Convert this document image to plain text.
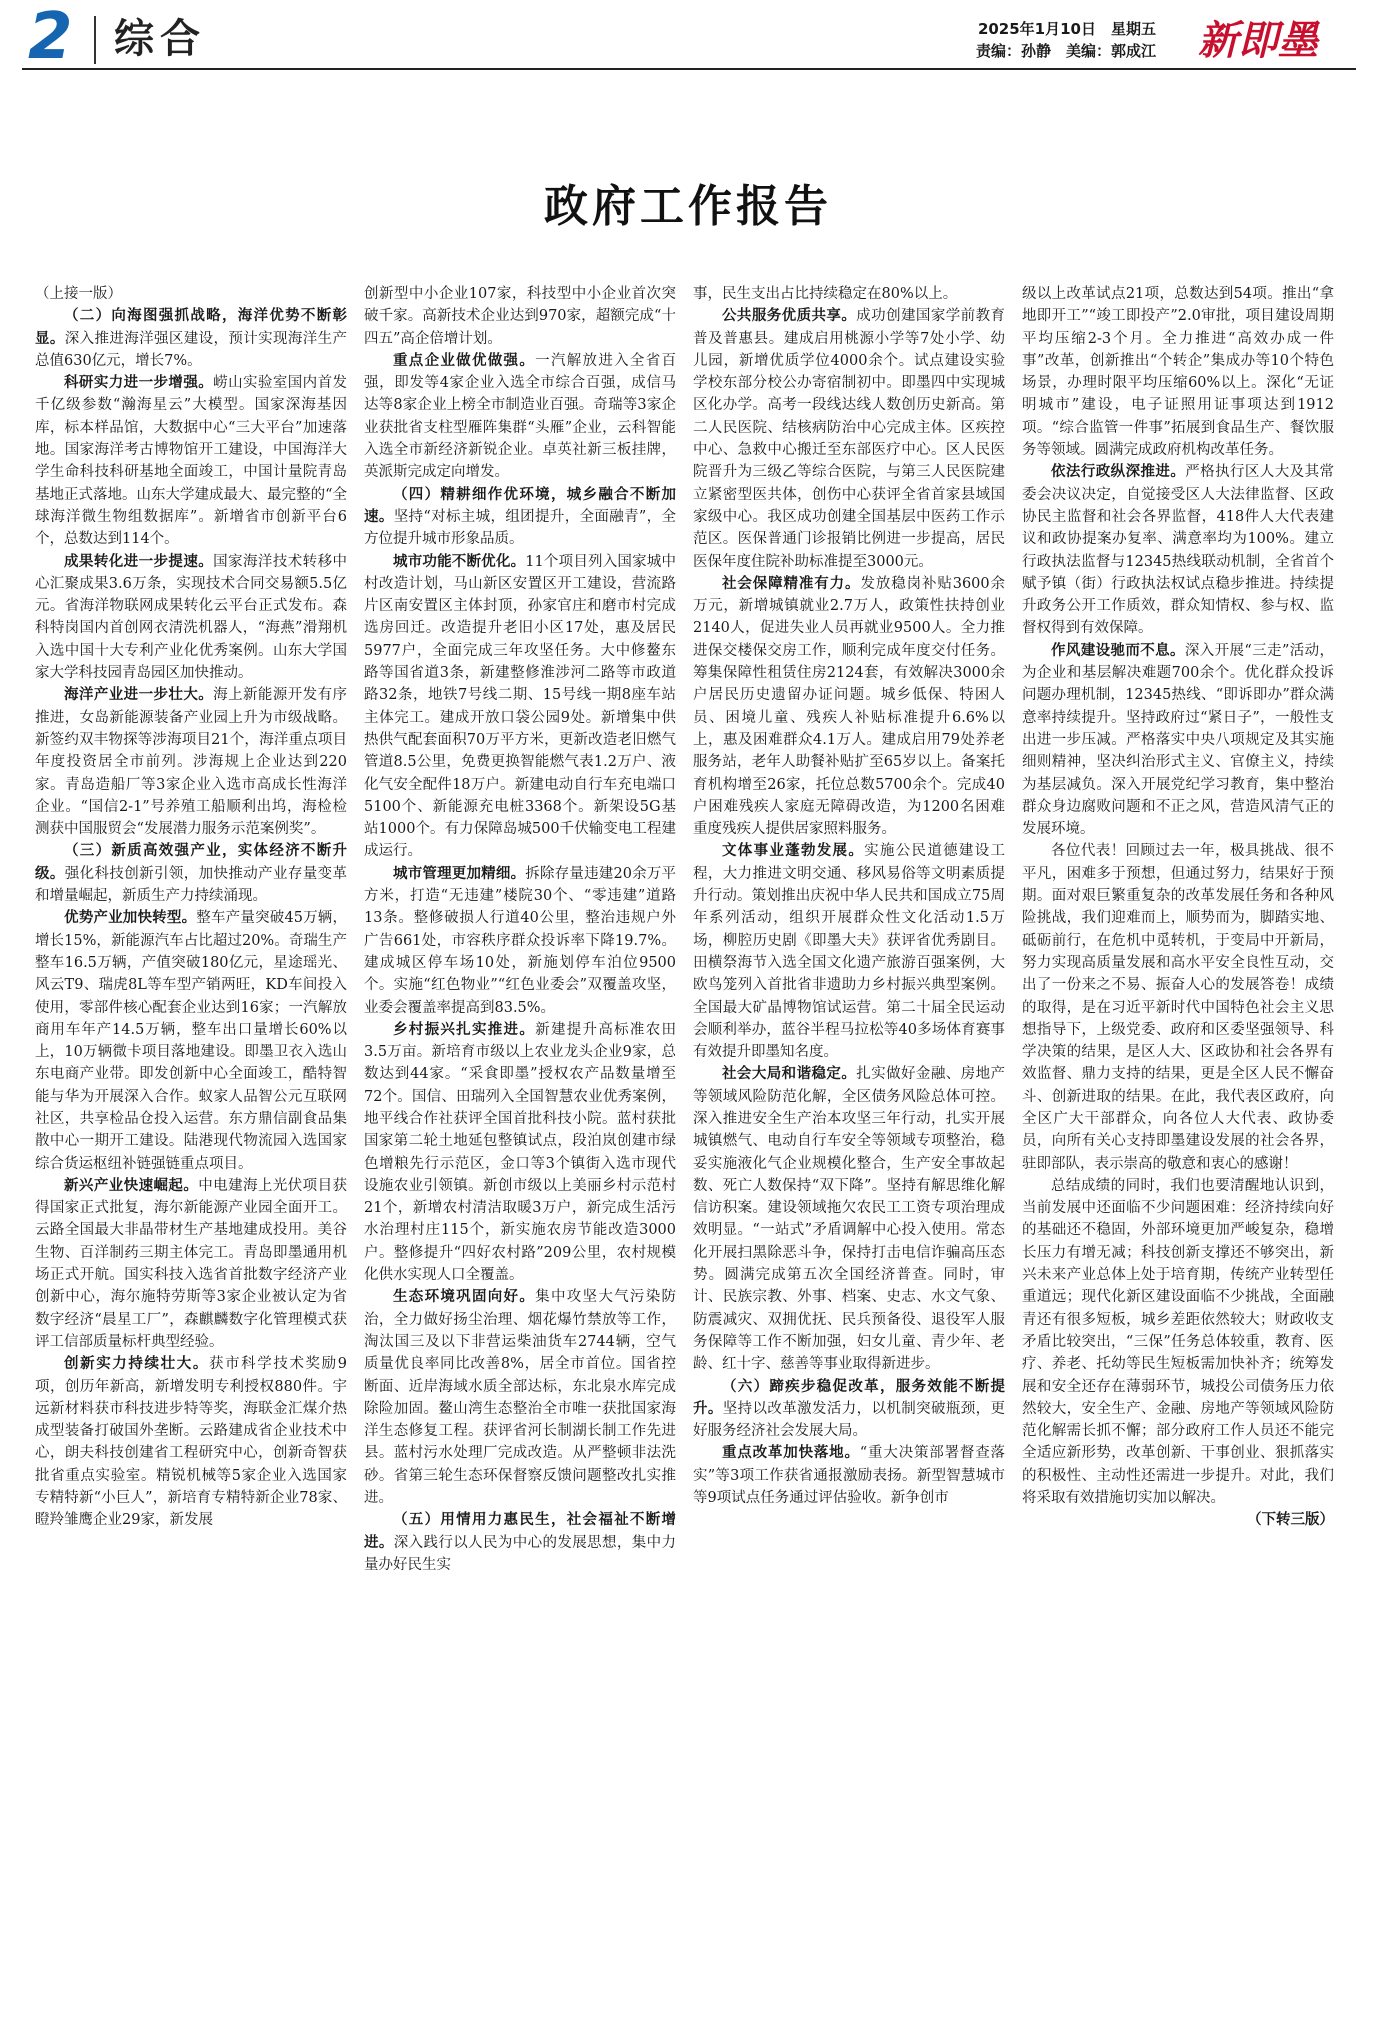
2 综合	2025年1月10日　星期五
责编：孙静　美编：郭成江 新即墨
政府工作报告

（上接一版）

（二）向海图强抓战略，海洋优势不断彰显。深入推进海洋强区建设，预计实现海洋生产总值630亿元，增长7%。

科研实力进一步增强。崂山实验室国内首发千亿级参数“瀚海星云”大模型。国家深海基因库，标本样品馆，大数据中心“三大平台”加速落地。国家海洋考古博物馆开工建设，中国海洋大学生命科技科研基地全面竣工，中国计量院青岛基地正式落地。山东大学建成最大、最完整的“全球海洋微生物组数据库”。新增省市创新平台6个，总数达到114个。

成果转化进一步提速。国家海洋技术转移中心汇聚成果3.6万条，实现技术合同交易额5.5亿元。省海洋物联网成果转化云平台正式发布。森科特岗国内首创网衣清洗机器人，“海燕”滑翔机入选中国十大专利产业化优秀案例。山东大学国家大学科技园青岛园区加快推动。

海洋产业进一步壮大。海上新能源开发有序推进，女岛新能源装备产业园上升为市级战略。新签约双丰物探等涉海项目21个，海洋重点项目年度投资居全市前列。涉海规上企业达到220家。青岛造船厂等3家企业入选市高成长性海洋企业。“国信2-1”号养殖工船顺利出坞，海检检测获中国服贸会“发展潜力服务示范案例奖”。

（三）新质高效强产业，实体经济不断升级。强化科技创新引领，加快推动产业存量变革和增量崛起，新质生产力持续涌现。

优势产业加快转型。整车产量突破45万辆，增长15%，新能源汽车占比超过20%。奇瑞生产整车16.5万辆，产值突破180亿元，星途瑶光、风云T9、瑞虎8L等车型产销两旺，KD车间投入使用，零部件核心配套企业达到16家；一汽解放商用车年产14.5万辆，整车出口量增长60%以上，10万辆微卡项目落地建设。即墨卫衣入选山东电商产业带。即发创新中心全面竣工，酷特智能与华为开展深入合作。蚁家人品智公元互联网社区，共享检品仓投入运营。东方鼎信副食品集散中心一期开工建设。陆港现代物流园入选国家综合货运枢纽补链强链重点项目。

新兴产业快速崛起。中电建海上光伏项目获得国家正式批复，海尔新能源产业园全面开工。云路全国最大非晶带材生产基地建成投用。美谷生物、百洋制药三期主体完工。青岛即墨通用机场正式开航。国实科技入选省首批数字经济产业创新中心，海尔施特劳斯等3家企业被认定为省数字经济“晨星工厂”，森麒麟数字化管理模式获评工信部质量标杆典型经验。

创新实力持续壮大。获市科学技术奖励9项，创历年新高，新增发明专利授权880件。宇远新材料获市科技进步特等奖，海联金汇煤介热成型装备打破国外垄断。云路建成省企业技术中心，朗夫科技创建省工程研究中心，创新奇智获批省重点实验室。精锐机械等5家企业入选国家专精特新“小巨人”，新培育专精特新企业78家、瞪羚雏鹰企业29家，新发展

创新型中小企业107家，科技型中小企业首次突破千家。高新技术企业达到970家，超额完成“十四五”高企倍增计划。

重点企业做优做强。一汽解放进入全省百强，即发等4家企业入选全市综合百强，成信马达等8家企业上榜全市制造业百强。奇瑞等3家企业获批省支柱型雁阵集群“头雁”企业，云科智能入选全市新经济新锐企业。卓英社新三板挂牌，英派斯完成定向增发。

（四）精耕细作优环境，城乡融合不断加速。坚持“对标主城，组团提升，全面融青”，全方位提升城市形象品质。

城市功能不断优化。11个项目列入国家城中村改造计划，马山新区安置区开工建设，营流路片区南安置区主体封顶，孙家官庄和磨市村完成选房回迁。改造提升老旧小区17处，惠及居民5977户，全面完成三年攻坚任务。大中修鳌东路等国省道3条，新建整修淮涉河二路等市政道路32条，地铁7号线二期、15号线一期8座车站主体完工。建成开放口袋公园9处。新增集中供热供气配套面积70万平方米，更新改造老旧燃气管道8.5公里，免费更换智能燃气表1.2万户、液化气安全配件18万户。新建电动自行车充电端口5100个、新能源充电桩3368个。新架设5G基站1000个。有力保障岛城500千伏输变电工程建成运行。

城市管理更加精细。拆除存量违建20余万平方米，打造“无违建”楼院30个、“零违建”道路13条。整修破损人行道40公里，整治违规户外广告661处，市容秩序群众投诉率下降19.7%。建成城区停车场10处，新施划停车泊位9500个。实施“红色物业”“红色业委会”双覆盖攻坚，业委会覆盖率提高到83.5%。

乡村振兴扎实推进。新建提升高标准农田3.5万亩。新培育市级以上农业龙头企业9家，总数达到44家。“采食即墨”授权农产品数量增至72个。国信、田瑞列入全国智慧农业优秀案例，地平线合作社获评全国首批科技小院。蓝村获批国家第二轮土地延包整镇试点，段泊岚创建市绿色增粮先行示范区，金口等3个镇街入选市现代设施农业引领镇。新创市级以上美丽乡村示范村21个，新增农村清洁取暖3万户，新完成生活污水治理村庄115个，新实施农房节能改造3000户。整修提升“四好农村路”209公里，农村规模化供水实现人口全覆盖。

生态环境巩固向好。集中攻坚大气污染防治，全力做好扬尘治理、烟花爆竹禁放等工作，淘汰国三及以下非营运柴油货车2744辆，空气质量优良率同比改善8%，居全市首位。国省控断面、近岸海域水质全部达标，东北泉水库完成除险加固。鳌山湾生态整治全市唯一获批国家海洋生态修复工程。获评省河长制湖长制工作先进县。蓝村污水处理厂完成改造。从严整顿非法洗砂。省第三轮生态环保督察反馈问题整改扎实推进。

（五）用情用力惠民生，社会福祉不断增进。深入践行以人民为中心的发展思想，集中力量办好民生实

事，民生支出占比持续稳定在80%以上。

公共服务优质共享。成功创建国家学前教育普及普惠县。建成启用桃源小学等7处小学、幼儿园，新增优质学位4000余个。试点建设实验学校东部分校公办寄宿制初中。即墨四中实现城区化办学。高考一段线达线人数创历史新高。第二人民医院、结核病防治中心完成主体。区疾控中心、急救中心搬迁至东部医疗中心。区人民医院晋升为三级乙等综合医院，与第三人民医院建立紧密型医共体，创伤中心获评全省首家县域国家级中心。我区成功创建全国基层中医药工作示范区。医保普通门诊报销比例进一步提高，居民医保年度住院补助标准提至3000元。

社会保障精准有力。发放稳岗补贴3600余万元，新增城镇就业2.7万人，政策性扶持创业2140人，促进失业人员再就业9500人。全力推进保交楼保交房工作，顺利完成年度交付任务。筹集保障性租赁住房2124套，有效解决3000余户居民历史遗留办证问题。城乡低保、特困人员、困境儿童、残疾人补贴标准提升6.6%以上，惠及困难群众4.1万人。建成启用79处养老服务站，老年人助餐补贴扩至65岁以上。备案托育机构增至26家，托位总数5700余个。完成40户困难残疾人家庭无障碍改造，为1200名困难重度残疾人提供居家照料服务。

文体事业蓬勃发展。实施公民道德建设工程，大力推进文明交通、移风易俗等文明素质提升行动。策划推出庆祝中华人民共和国成立75周年系列活动，组织开展群众性文化活动1.5万场，柳腔历史剧《即墨大夫》获评省优秀剧目。田横祭海节入选全国文化遗产旅游百强案例，大欧鸟笼列入首批省非遗助力乡村振兴典型案例。全国最大矿晶博物馆试运营。第二十届全民运动会顺利举办，蓝谷半程马拉松等40多场体育赛事有效提升即墨知名度。

社会大局和谐稳定。扎实做好金融、房地产等领域风险防范化解，全区债务风险总体可控。深入推进安全生产治本攻坚三年行动，扎实开展城镇燃气、电动自行车安全等领域专项整治，稳妥实施液化气企业规模化整合，生产安全事故起数、死亡人数保持“双下降”。坚持有解思维化解信访积案。建设领域拖欠农民工工资专项治理成效明显。“一站式”矛盾调解中心投入使用。常态化开展扫黑除恶斗争，保持打击电信诈骗高压态势。圆满完成第五次全国经济普查。同时，审计、民族宗教、外事、档案、史志、水文气象、防震减灾、双拥优抚、民兵预备役、退役军人服务保障等工作不断加强，妇女儿童、青少年、老龄、红十字、慈善等事业取得新进步。

（六）蹄疾步稳促改革，服务效能不断提升。坚持以改革激发活力，以机制突破瓶颈，更好服务经济社会发展大局。

重点改革加快落地。“重大决策部署督查落实”等3项工作获省通报激励表扬。新型智慧城市等9项试点任务通过评估验收。新争创市

级以上改革试点21项，总数达到54项。推出“拿地即开工”“竣工即投产”2.0审批，项目建设周期平均压缩2-3个月。全力推进“高效办成一件事”改革，创新推出“个转企”集成办等10个特色场景，办理时限平均压缩60%以上。深化“无证明城市”建设，电子证照用证事项达到1912项。“综合监管一件事”拓展到食品生产、餐饮服务等领域。圆满完成政府机构改革任务。

依法行政纵深推进。严格执行区人大及其常委会决议决定，自觉接受区人大法律监督、区政协民主监督和社会各界监督，418件人大代表建议和政协提案办复率、满意率均为100%。建立行政执法监督与12345热线联动机制，全省首个赋予镇（街）行政执法权试点稳步推进。持续提升政务公开工作质效，群众知情权、参与权、监督权得到有效保障。

作风建设驰而不息。深入开展“三走”活动，为企业和基层解决难题700余个。优化群众投诉问题办理机制，12345热线、“即诉即办”群众满意率持续提升。坚持政府过“紧日子”，一般性支出进一步压减。严格落实中央八项规定及其实施细则精神，坚决纠治形式主义、官僚主义，持续为基层减负。深入开展党纪学习教育，集中整治群众身边腐败问题和不正之风，营造风清气正的发展环境。

各位代表！回顾过去一年，极具挑战、很不平凡，困难多于预想，但通过努力，结果好于预期。面对艰巨繁重复杂的改革发展任务和各种风险挑战，我们迎难而上，顺势而为，脚踏实地、砥砺前行，在危机中觅转机，于变局中开新局，努力实现高质量发展和高水平安全良性互动，交出了一份来之不易、振奋人心的发展答卷！成绩的取得，是在习近平新时代中国特色社会主义思想指导下，上级党委、政府和区委坚强领导、科学决策的结果，是区人大、区政协和社会各界有效监督、鼎力支持的结果，更是全区人民不懈奋斗、创新进取的结果。在此，我代表区政府，向全区广大干部群众，向各位人大代表、政协委员，向所有关心支持即墨建设发展的社会各界，驻即部队，表示崇高的敬意和衷心的感谢！

总结成绩的同时，我们也要清醒地认识到，当前发展中还面临不少问题困难：经济持续向好的基础还不稳固，外部环境更加严峻复杂，稳增长压力有增无减；科技创新支撑还不够突出，新兴未来产业总体上处于培育期，传统产业转型任重道远；现代化新区建设面临不少挑战，全面融青还有很多短板，城乡差距依然较大；财政收支矛盾比较突出，“三保”任务总体较重，教育、医疗、养老、托幼等民生短板需加快补齐；统筹发展和安全还存在薄弱环节，城投公司债务压力依然较大，安全生产、金融、房地产等领域风险防范化解需长抓不懈；部分政府工作人员还不能完全适应新形势，改革创新、干事创业、狠抓落实的积极性、主动性还需进一步提升。对此，我们将采取有效措施切实加以解决。

（下转三版）
